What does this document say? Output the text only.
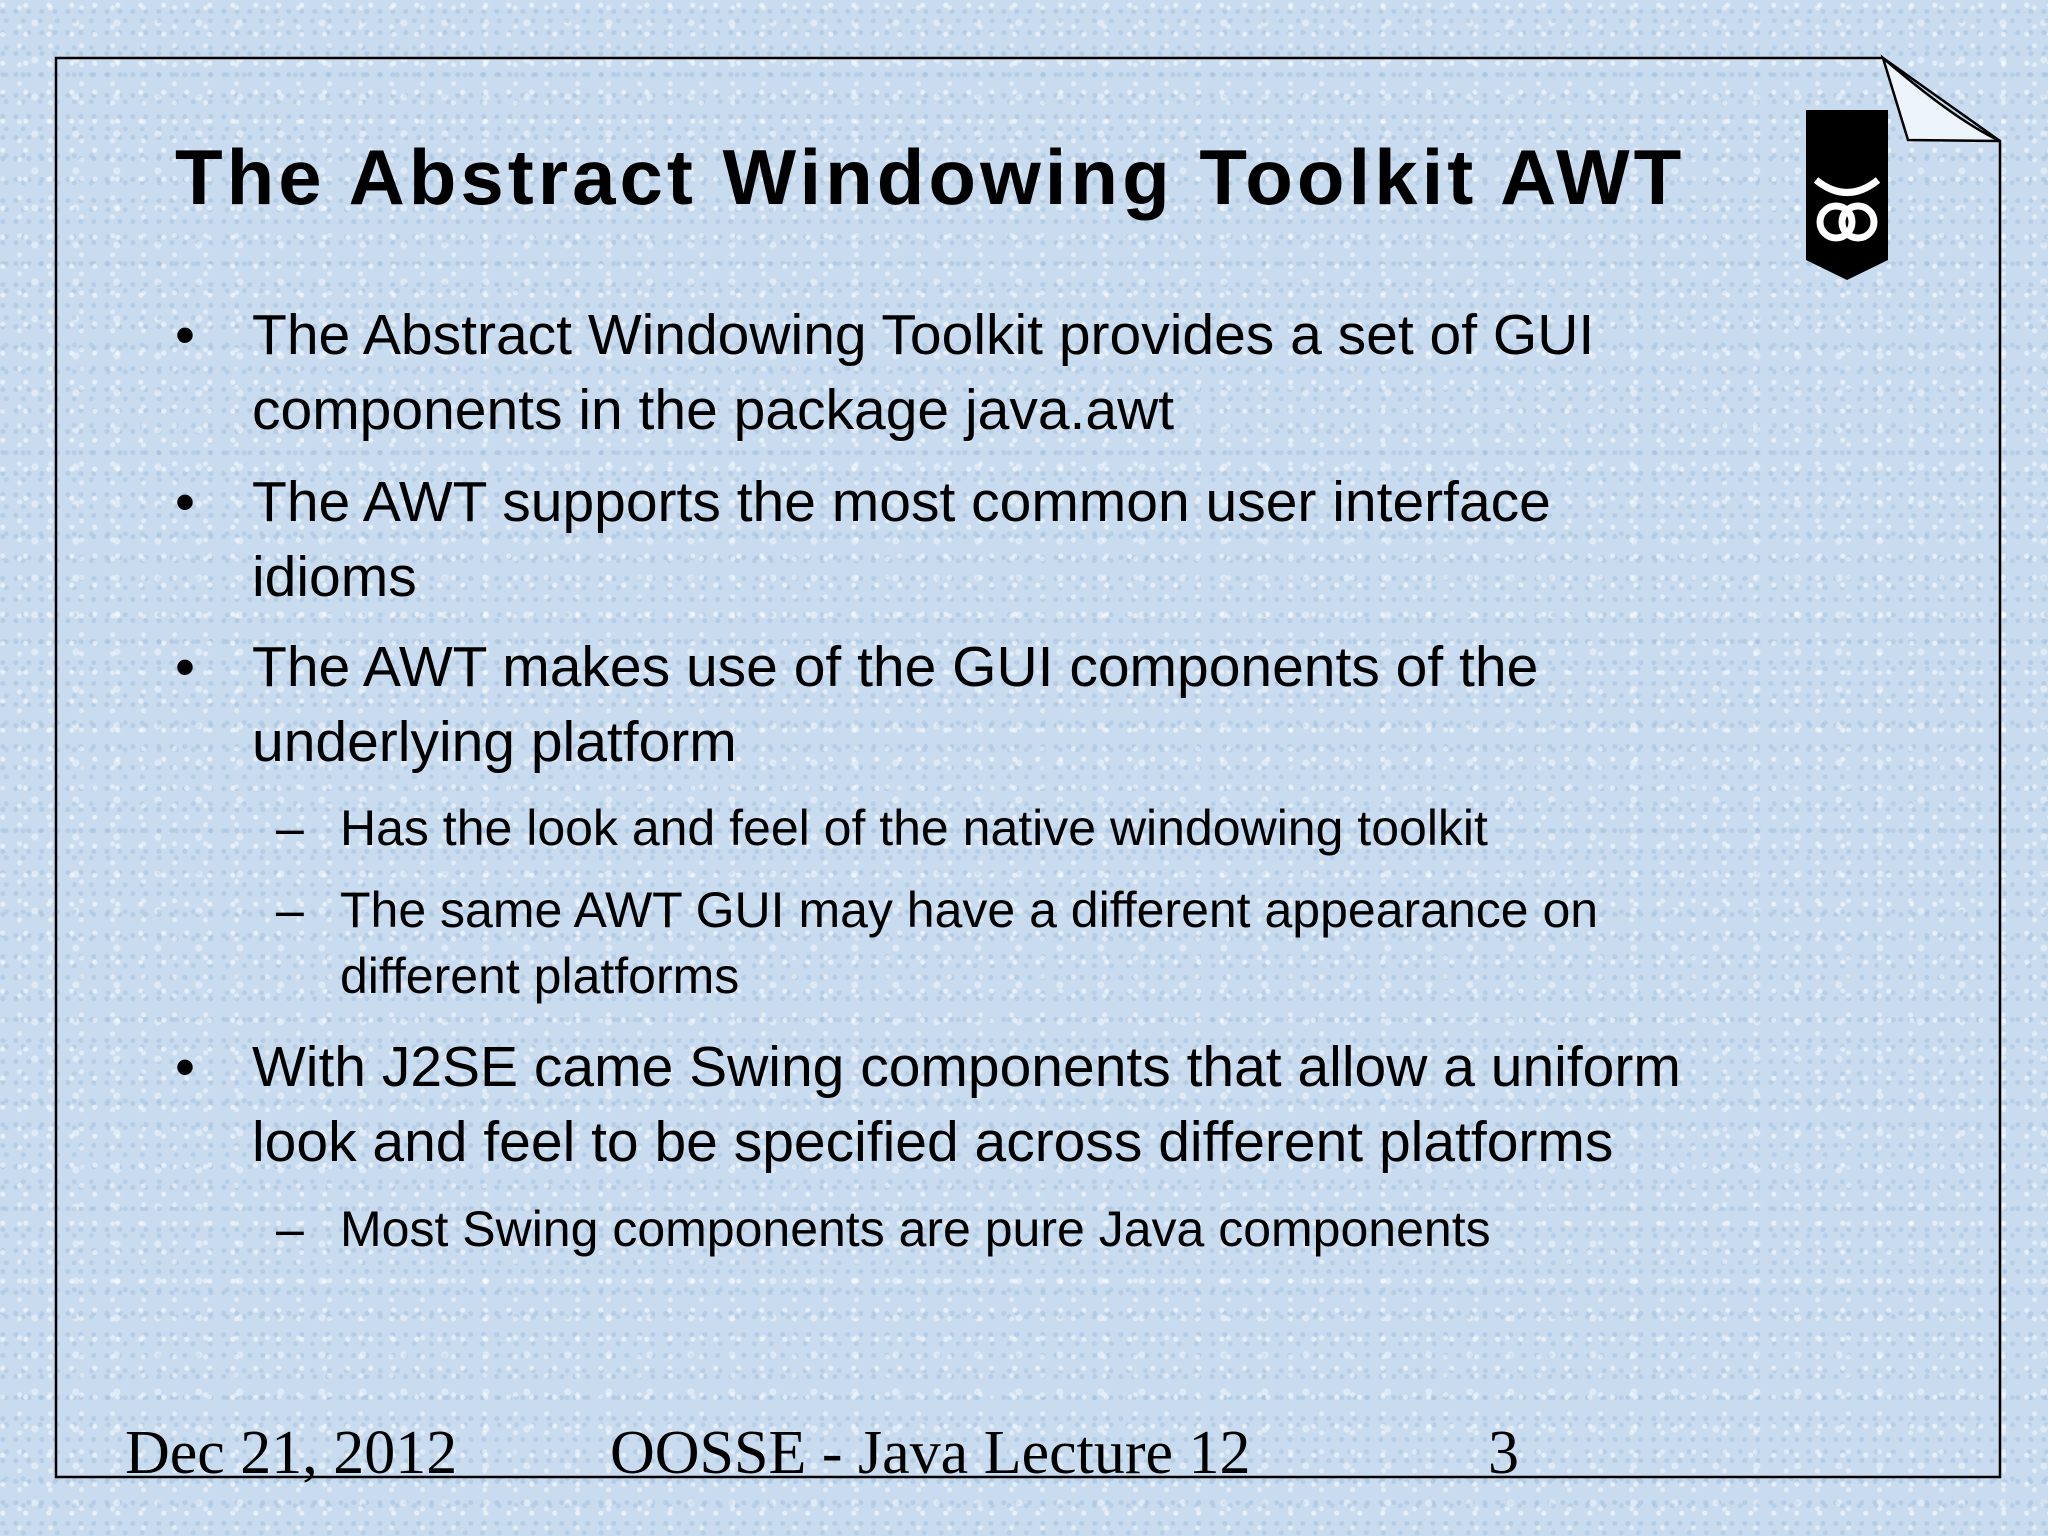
The Abstract Windowing Toolkit AWT
•	The Abstract Windowing Toolkit provides a set of GUI
components in the package java.awt
•	The AWT supports the most common user interface
idioms
•	The AWT makes use of the GUI components of the
underlying platform
– Has the look and feel of the native windowing toolkit
– The same AWT GUI may have a different appearance on
different platforms
•	With J2SE came Swing components that allow a uniform
look and feel to be specified across different platforms
– Most Swing components are pure Java components
Dec 21, 2012 OOSSE - Java Lecture 12	3
